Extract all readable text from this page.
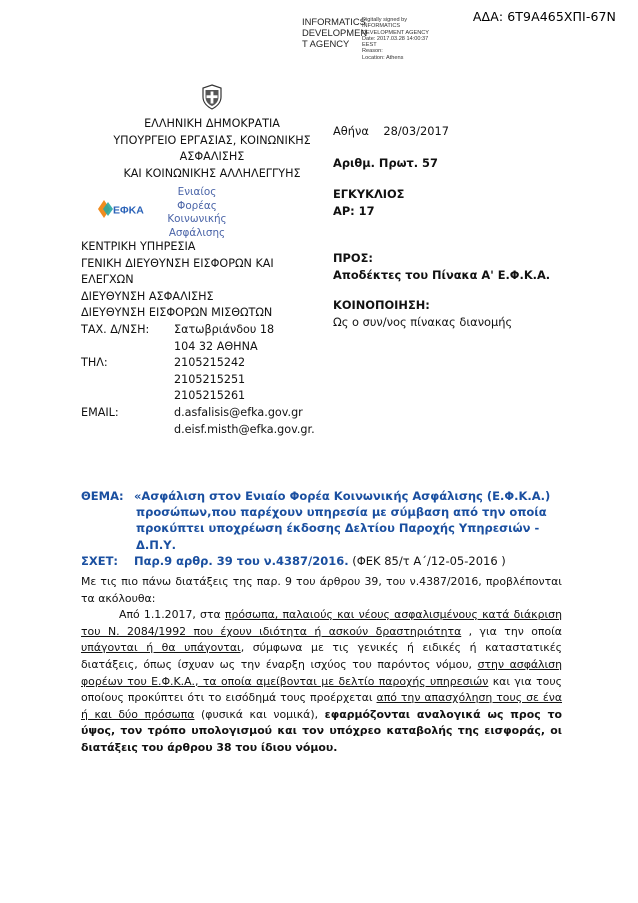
ΑΔΑ: 6Τ9Α465ΧΠΙ-67Ν
INFORMATICS
DEVELOPMEN
T AGENCY
Digitally signed by
INFORMATICS
DEVELOPMENT AGENCY
Date: 2017.03.28 14:00:37
EEST
Reason:
Location: Athens
ΕΛΛΗΝΙΚΗ ΔΗΜΟΚΡΑΤΙΑ
ΥΠΟΥΡΓΕΙΟ ΕΡΓΑΣΙΑΣ, ΚΟΙΝΩΝΙΚΗΣ
ΑΣΦΑΛΙΣΗΣ
ΚΑΙ ΚΟΙΝΩΝΙΚΗΣ ΑΛΛΗΛΕΓΓΥΗΣ
ΕΦΚΑ
Ενιαίος
Φορέας
Κοινωνικής
Ασφάλισης
Αθήνα 28/03/2017
Αριθμ. Πρωτ. 57
ΕΓΚΥΚΛΙΟΣ
ΑΡ: 17
ΠΡΟΣ:
Αποδέκτες του Πίνακα Α' Ε.Φ.Κ.Α.
ΚΟΙΝΟΠΟΙΗΣΗ:
Ως ο συν/νος πίνακας διανομής
ΚΕΝΤΡΙΚΗ ΥΠΗΡΕΣΙΑ
ΓΕΝΙΚΗ ΔΙΕΥΘΥΝΣΗ ΕΙΣΦΟΡΩΝ ΚΑΙ
ΕΛΕΓΧΩΝ
ΔΙΕΥΘΥΝΣΗ ΑΣΦΑΛΙΣΗΣ
ΔΙΕΥΘΥΝΣΗ ΕΙΣΦΟΡΩΝ ΜΙΣΘΩΤΩΝ
ΤΑΧ. Δ/ΝΣΗ:	Σατωβριάνδου 18
104 32 ΑΘΗΝΑ
ΤΗΛ:	2105215242
2105215251
2105215261
EMAIL:	d.asfalisis@efka.gov.gr
d.eisf.misth@efka.gov.gr.
ΘΕΜΑ: «Ασφάλιση στον Ενιαίο Φορέα Κοινωνικής Ασφάλισης (Ε.Φ.Κ.Α.)
προσώπων,που παρέχουν υπηρεσία με σύμβαση από την οποία
προκύπτει υποχρέωση έκδοσης Δελτίου Παροχής Υπηρεσιών -
Δ.Π.Υ.
ΣΧΕΤ: Παρ.9 αρθρ. 39 του ν.4387/2016. (ΦΕΚ 85/τ Α΄/12-05-2016 )
Με τις πιο πάνω διατάξεις της παρ. 9 του άρθρου 39, του ν.4387/2016, προβλέπονται τα ακόλουθα:
Από 1.1.2017, στα πρόσωπα, παλαιούς και νέους ασφαλισμένους κατά διάκριση του Ν. 2084/1992 που έχουν ιδιότητα ή ασκούν δραστηριότητα , για την οποία υπάγονται ή θα υπάγονται, σύμφωνα με τις γενικές ή ειδικές ή καταστατικές διατάξεις, όπως ίσχυαν ως την έναρξη ισχύος του παρόντος νόμου, στην ασφάλιση φορέων του Ε.Φ.Κ.Α., τα οποία αμείβονται με δελτίο παροχής υπηρεσιών και για τους οποίους προκύπτει ότι το εισόδημά τους προέρχεται από την απασχόληση τους σε ένα ή και δύο πρόσωπα (φυσικά και νομικά), εφαρμόζονται αναλογικά ως προς το ύψος, τον τρόπο υπολογισμού και τον υπόχρεο καταβολής της εισφοράς, οι διατάξεις του άρθρου 38 του ίδιου νόμου.
